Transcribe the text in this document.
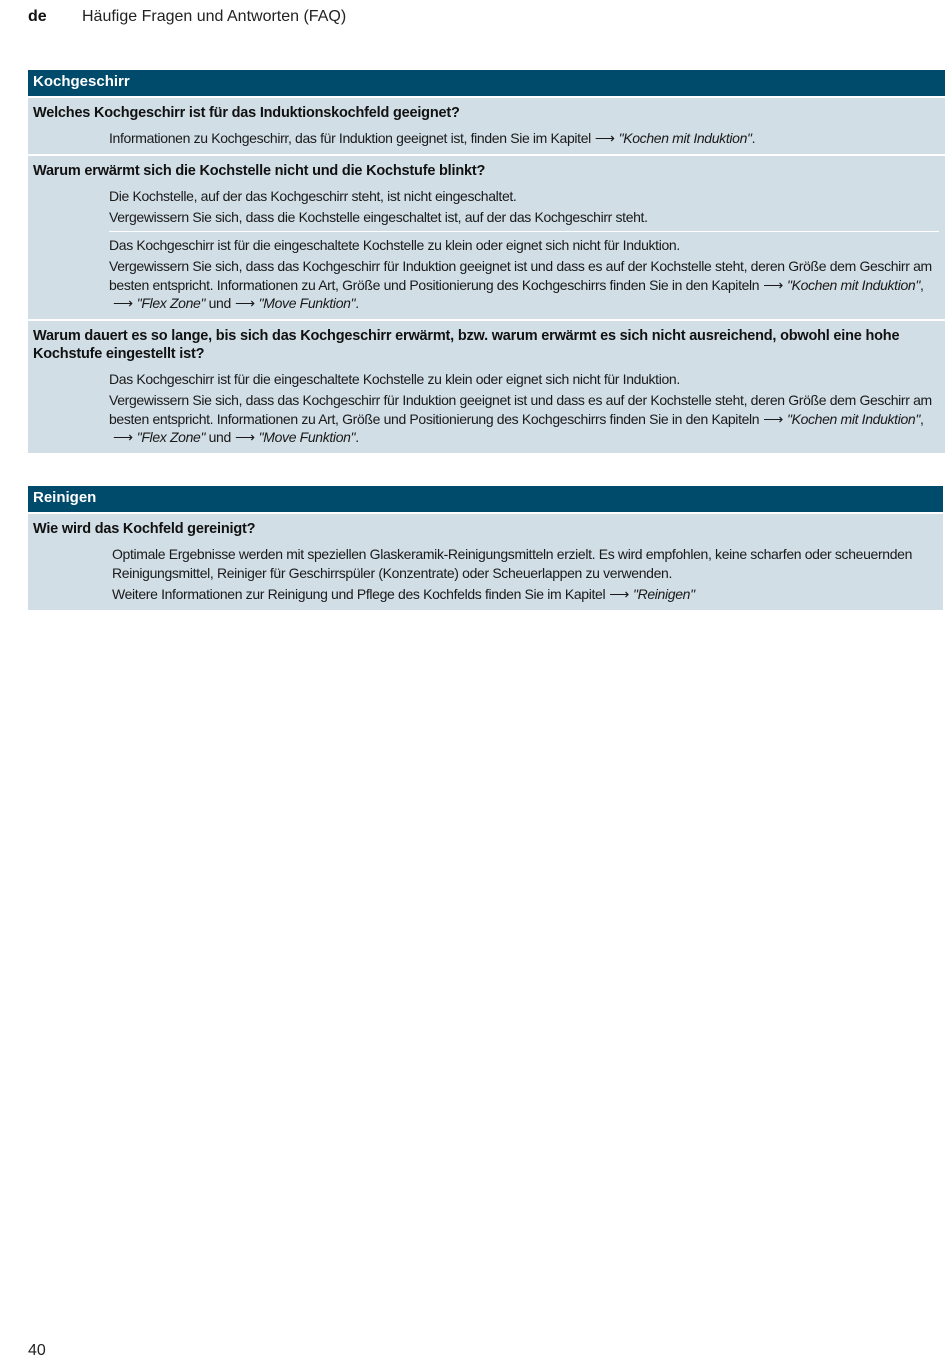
de Häufige Fragen und Antworten (FAQ)
Kochgeschirr
Welches Kochgeschirr ist für das Induktionskochfeld geeignet?
Informationen zu Kochgeschirr, das für Induktion geeignet ist, finden Sie im Kapitel ⟶ "Kochen mit Induktion".
Warum erwärmt sich die Kochstelle nicht und die Kochstufe blinkt?
Die Kochstelle, auf der das Kochgeschirr steht, ist nicht eingeschaltet.
Vergewissern Sie sich, dass die Kochstelle eingeschaltet ist, auf der das Kochgeschirr steht.
Das Kochgeschirr ist für die eingeschaltete Kochstelle zu klein oder eignet sich nicht für Induktion.
Vergewissern Sie sich, dass das Kochgeschirr für Induktion geeignet ist und dass es auf der Kochstelle steht, deren Größe dem Geschirr am besten entspricht. Informationen zu Art, Größe und Positionierung des Kochgeschirrs finden Sie in den Kapiteln ⟶ "Kochen mit Induktion", ⟶ "Flex Zone" und ⟶ "Move Funktion".
Warum dauert es so lange, bis sich das Kochgeschirr erwärmt, bzw. warum erwärmt es sich nicht ausreichend, obwohl eine hohe Kochstufe eingestellt ist?
Das Kochgeschirr ist für die eingeschaltete Kochstelle zu klein oder eignet sich nicht für Induktion.
Vergewissern Sie sich, dass das Kochgeschirr für Induktion geeignet ist und dass es auf der Kochstelle steht, deren Größe dem Geschirr am besten entspricht. Informationen zu Art, Größe und Positionierung des Kochgeschirrs finden Sie in den Kapiteln ⟶ "Kochen mit Induktion", ⟶ "Flex Zone" und ⟶ "Move Funktion".
Reinigen
Wie wird das Kochfeld gereinigt?
Optimale Ergebnisse werden mit speziellen Glaskeramik-Reinigungsmitteln erzielt. Es wird empfohlen, keine scharfen oder scheuernden Reinigungsmittel, Reiniger für Geschirrspüler (Konzentrate) oder Scheuerlappen zu verwenden.
Weitere Informationen zur Reinigung und Pflege des Kochfelds finden Sie im Kapitel ⟶ "Reinigen"
40
